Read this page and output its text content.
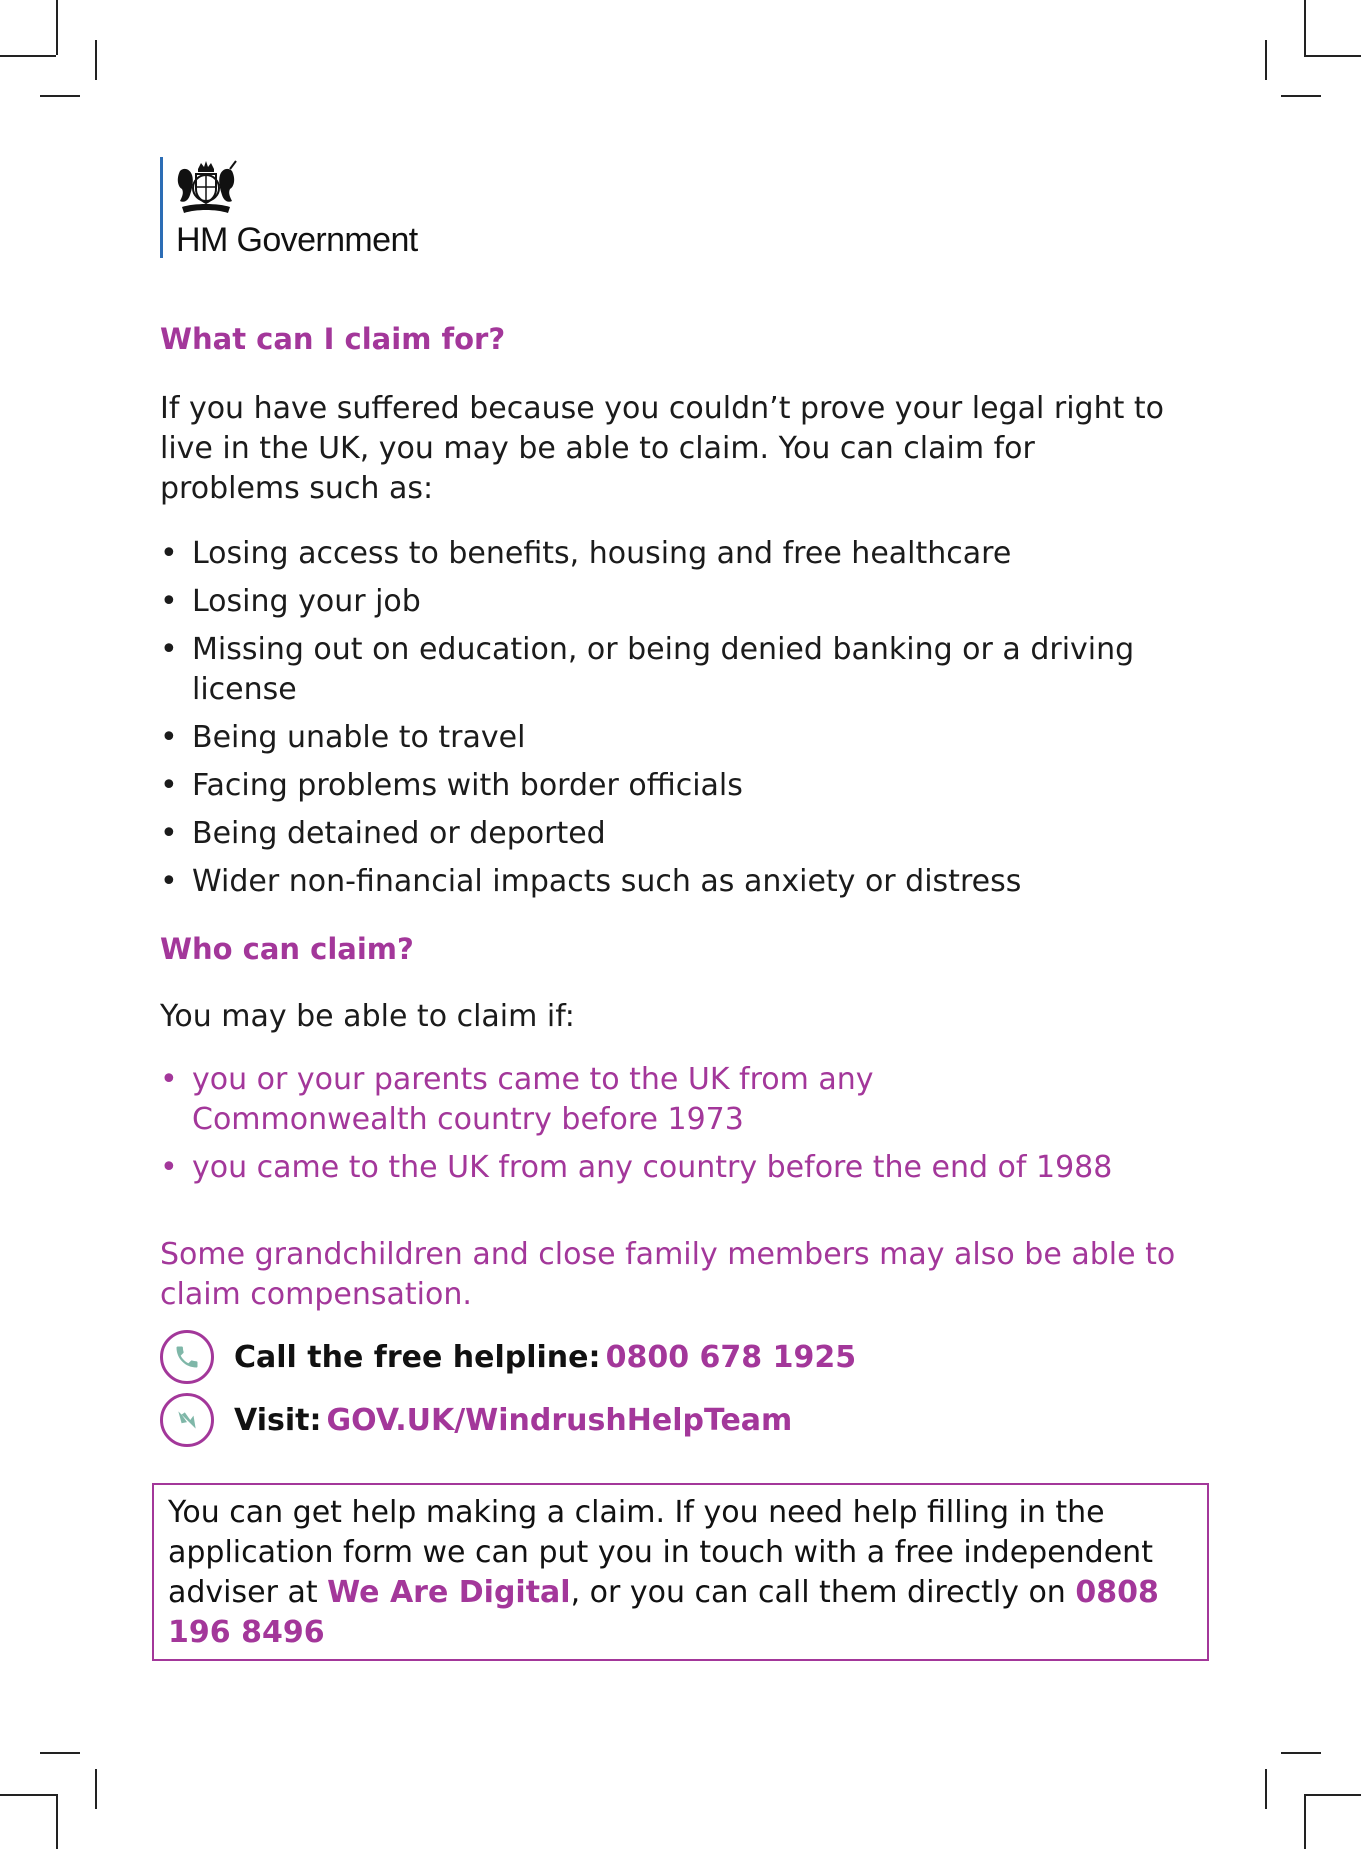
HM Government
What can I claim for?
If you have suffered because you couldn’t prove your legal right to live in the UK, you may be able to claim. You can claim for problems such as:
• Losing access to benefits, housing and free healthcare
• Losing your job
• Missing out on education, or being denied banking or a driving license
• Being unable to travel
• Facing problems with border officials
• Being detained or deported
• Wider non-financial impacts such as anxiety or distress
Who can claim?
You may be able to claim if:
• you or your parents came to the UK from any Commonwealth country before 1973
• you came to the UK from any country before the end of 1988
Some grandchildren and close family members may also be able to claim compensation.
Call the free helpline:
0800 678 1925
Visit:
GOV.UK/WindrushHelpTeam
You can get help making a claim. If you need help filling in the application form we can put you in touch with a free independent adviser at We Are Digital, or you can call them directly on 0808 196 8496
